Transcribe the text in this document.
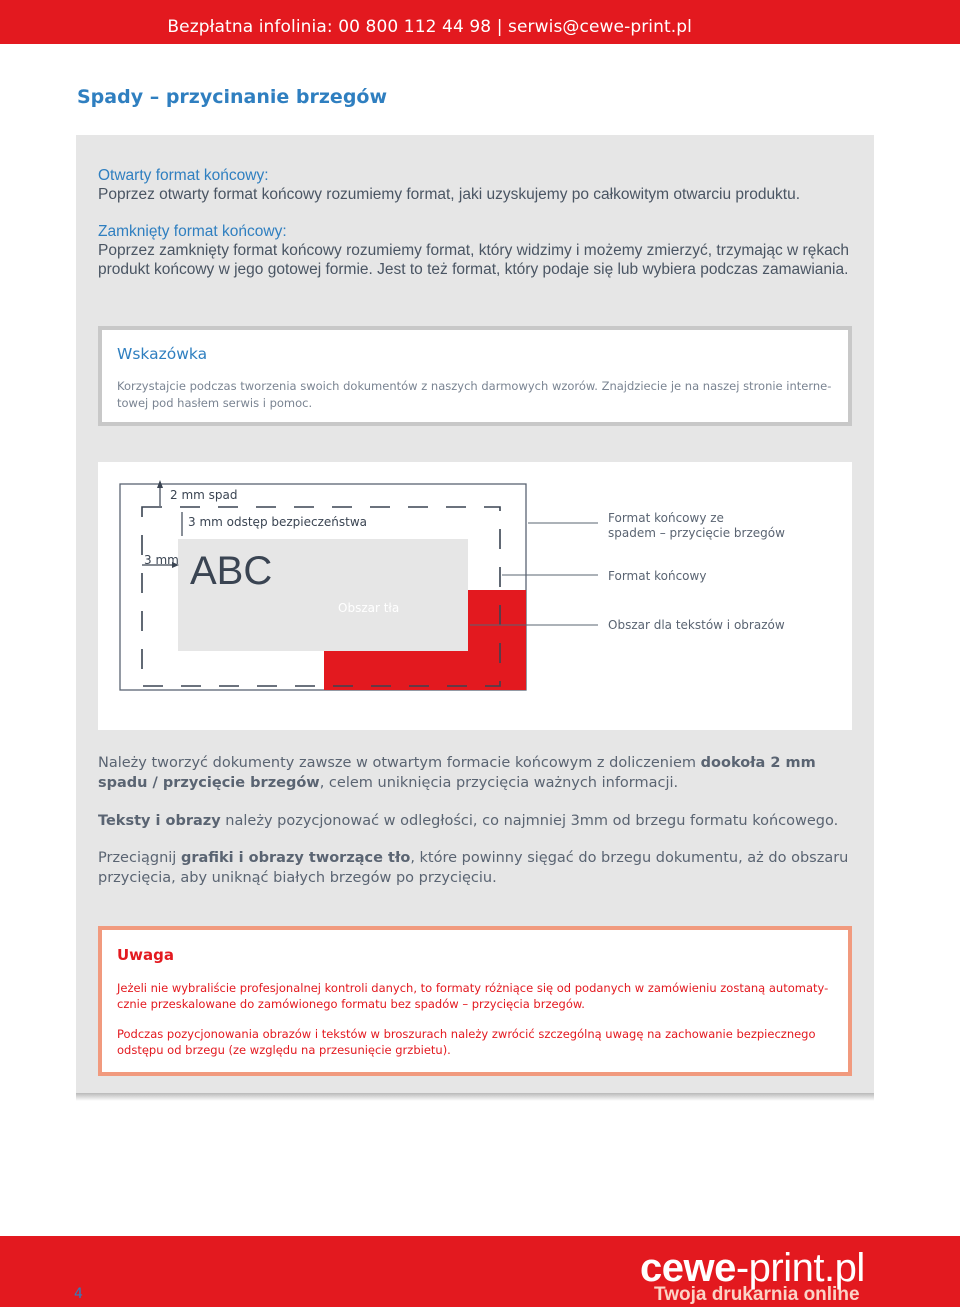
Bezpłatna infolinia: 00 800 112 44 98 | serwis@cewe-print.pl
Spady – przycinanie brzegów
Otwarty format końcowy:
Poprzez otwarty format końcowy rozumiemy format, jaki uzyskujemy po całkowitym otwarciu produktu.
Zamknięty format końcowy:
Poprzez zamknięty format końcowy rozumiemy format, który widzimy i możemy zmierzyć, trzymając w rękach produkt końcowy w jego gotowej formie. Jest to też format, który podaje się lub wybiera podczas zamawiania.
Wskazówka
Korzystajcie podczas tworzenia swoich dokumentów z naszych darmowych wzorów. Znajdziecie je na naszej stronie interne-towej pod hasłem serwis i pomoc.
2 mm spad
3 mm odstęp bezpieczeństwa
3 mm ABC
Obszar tła
Format końcowy ze
spadem – przycięcie brzegów
Format końcowy
Obszar dla tekstów i obrazów
Należy tworzyć dokumenty zawsze w otwartym formacie końcowym z doliczeniem dookoła 2 mm spadu / przycięcie brzegów, celem uniknięcia przycięcia ważnych informacji.
Teksty i obrazy należy pozycjonować w odległości, co najmniej 3mm od brzegu formatu końcowego.
Przeciągnij grafiki i obrazy tworzące tło, które powinny sięgać do brzegu dokumentu, aż do obszaru przycięcia, aby uniknąć białych brzegów po przycięciu.
Uwaga
Jeżeli nie wybraliście profesjonalnej kontroli danych, to formaty różniące się od podanych w zamówieniu zostaną automaty-cznie przeskalowane do zamówionego formatu bez spadów – przycięcia brzegów.
Podczas pozycjonowania obrazów i tekstów w broszurach należy zwrócić szczególną uwagę na zachowanie bezpiecznego odstępu od brzegu (ze względu na przesunięcie grzbietu).
4
cewe-print.pl
Twoja drukarnia online
